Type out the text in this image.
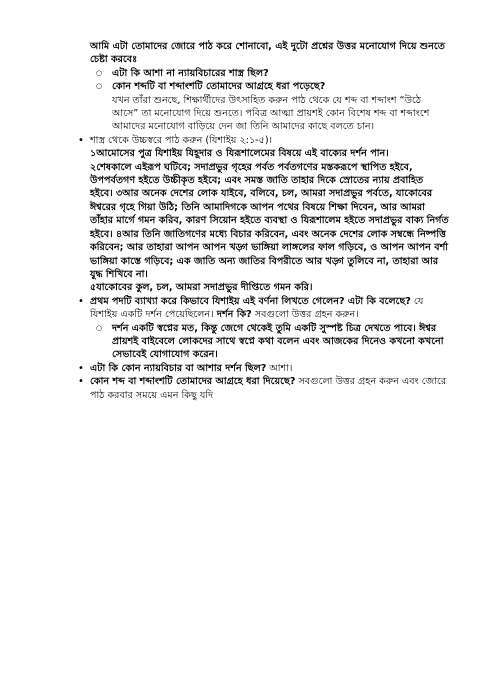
আমি এটা তোমাদের জোরে পাঠ করে শোনাবো, এই দুটো প্রশ্নের উত্তর মনোযোগ দিয়ে শুনতে চেষ্টা করবেঃ

○ এটা কি আশা না ন্যায়বিচারের শাস্ত্র ছিল?
○ কোন শব্দটি বা শব্দাংশটি তোমাদের আগ্রহে ধরা পড়েছে?

যখন তাঁরা শুনছে, শিক্ষার্থীদের উৎসাহিত করুন পাঠ থেকে যে শব্দ বা শব্দাংশ “উঠে আসে” তা মনোযোগ দিয়ে শুনতে। পবিত্র আত্মা প্রায়শই কোন বিশেষ শব্দ বা শব্দাংশে আমাদের মনোযোগ বাড়িয়ে দেন জা তিনি আমাদের কাছে বলতে চান।

• শাস্ত্র থেকে উচ্চস্বরে পাঠ করুন (যিশাইয় ২:১-৫)।

১আমোসের পুত্র যিশাইয় যিহূদার ও যিরূশালেমের বিষয়ে এই বাক্যের দর্শন পান।

২শেষকালে এইরূপ ঘটিবে; সদাপ্রভুর গৃহের পর্বত পর্বতগণের মস্তকরূপে স্থাপিত হইবে, উপপর্বতগণ হইতে উচ্চীকৃত হইবে; এবং সমস্ত জাতি তাহার দিকে স্রোতের ন্যায় প্রবাহিত হইবে। ৩আর অনেক দেশের লোক যাইবে, বলিবে, চল, আমরা সদাপ্রভুর পর্বতে, যাকোবের ঈশ্বরের গৃহে গিয়া উঠি; তিনি আমাদিগকে আপন পথের বিষয়ে শিক্ষা দিবেন, আর আমরা তাঁহার মার্গে গমন করিব, কারণ সিয়োন হইতে ব্যবস্থা ও যিরূশালেম হইতে সদাপ্রভুর বাক্য নির্গত হইবে। ৪আর তিনি জাতিগণের মধ্যে বিচার করিবেন, এবং অনেক দেশের লোক সম্বন্ধে নিষ্পত্তি করিবেন; আর তাহারা আপন আপন খড়্গ ভাঙ্গিয়া লাঙ্গলের ফাল গড়িবে, ও আপন আপন বর্শা ভাঙ্গিয়া কাস্তে গড়িবে; এক জাতি অন্য জাতির বিপরীতে আর খড়্গ তুলিবে না, তাহারা আর যুদ্ধ শিখিবে না।

৫যাকোবের কুল, চল, আমরা সদাপ্রভুর দীপ্তিতে গমন করি।

• প্রথম পদটি ব্যাখ্যা করে কিভাবে যিশাইয় এই বর্ণনা লিখতে গেলেন? এটা কি বলেছে? যে যিশাইয় একটি দর্শন পেয়েছিলেন। দর্শন কি? সবগুলো উত্তর গ্রহন করুন।
○ দর্শন একটি স্বপ্নের মত, কিন্তু জেগে থেকেই তুমি একটি সুস্পষ্ট চিত্র দেখতে পাবে। ঈশ্বর প্রায়শই বাইবেলে লোকদের সাথে স্বপ্নে কথা বলেন এবং আজকের দিনেও কখনো কখনো সেভাবেই যোগাযোগ করেন।
• এটা কি কোন ন্যায়বিচার বা আশার দর্শন ছিল? আশা।
• কোন শব্দ বা শব্দাংশটি তোমাদের আগ্রহে ধরা দিয়েছে? সবগুলো উত্তর গ্রহন করুন এবং জোরে পাঠ করবার সময়ে এমন কিছু যদি
